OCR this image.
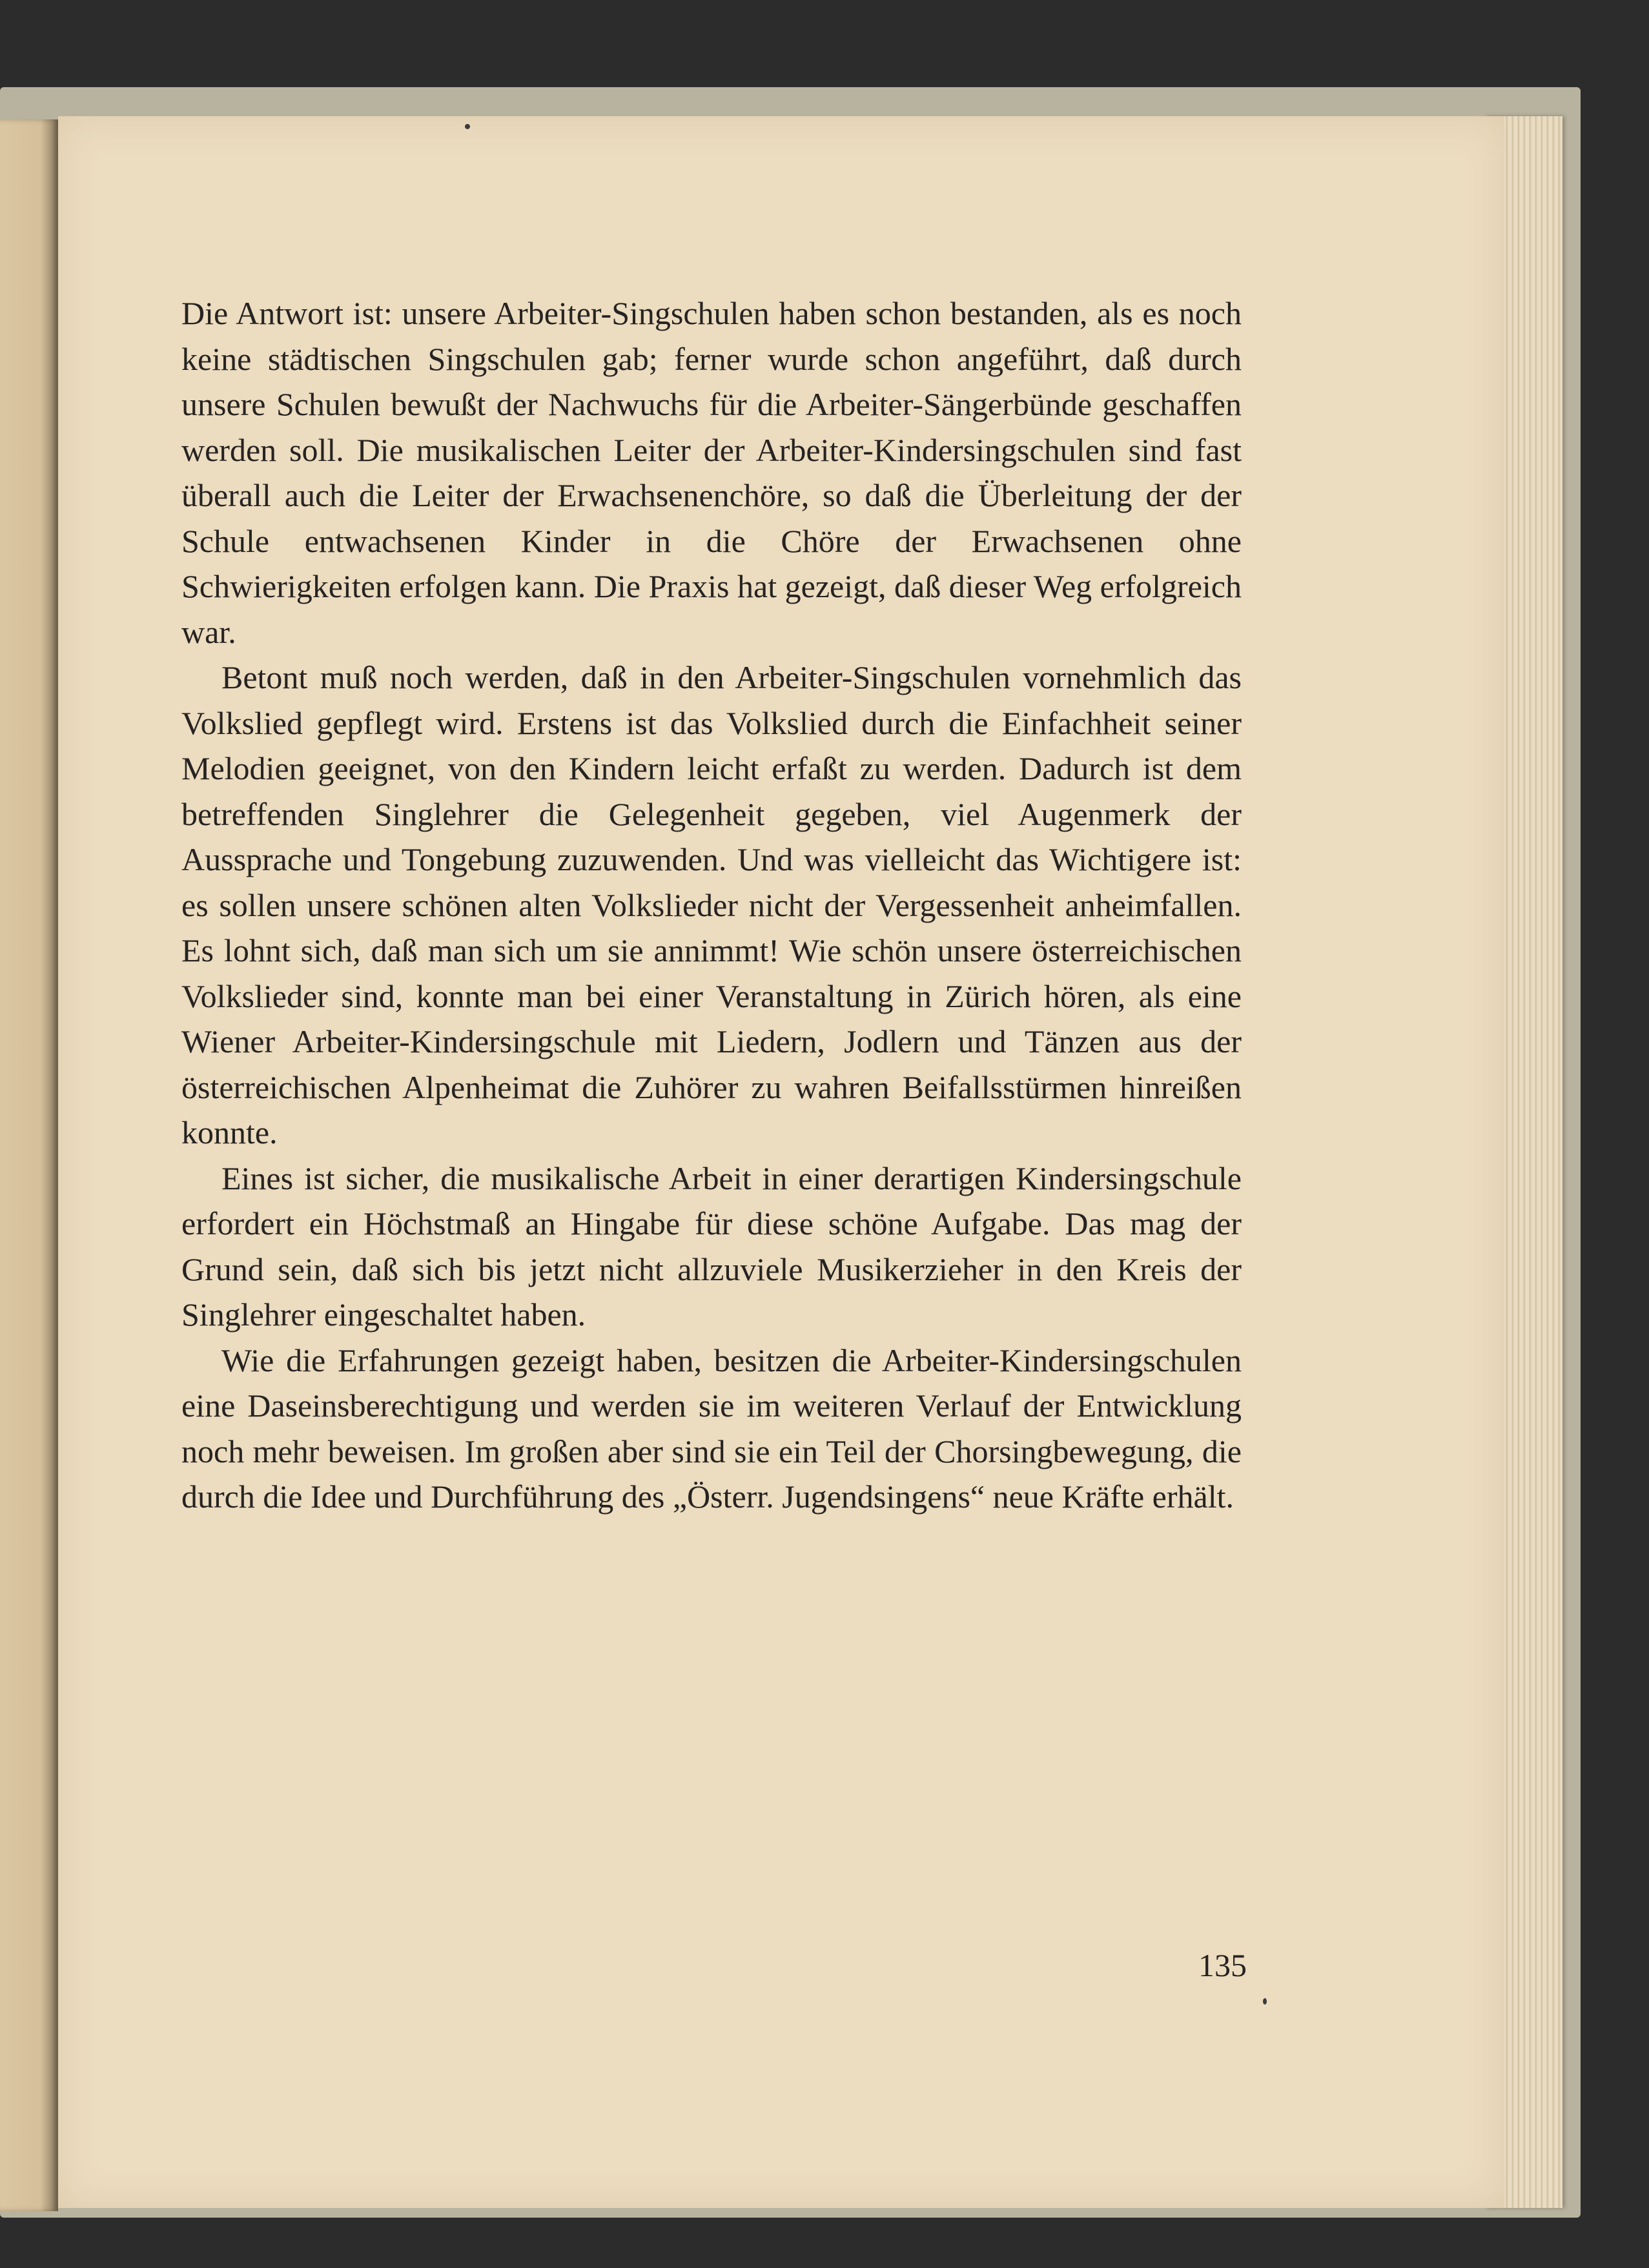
Die Antwort ist: unsere Arbeiter-Singschulen haben schon bestanden, als es noch keine städtischen Singschulen gab; ferner wurde schon angeführt, daß durch unsere Schulen bewußt der Nachwuchs für die Arbeiter-Sängerbünde geschaffen werden soll. Die musikalischen Leiter der Arbeiter-Kindersingschulen sind fast überall auch die Leiter der Erwachsenenchöre, so daß die Überleitung der der Schule entwachsenen Kinder in die Chöre der Erwachsenen ohne Schwierigkeiten erfolgen kann. Die Praxis hat gezeigt, daß dieser Weg erfolgreich war.

Betont muß noch werden, daß in den Arbeiter-Singschulen vornehmlich das Volkslied gepflegt wird. Erstens ist das Volkslied durch die Einfachheit seiner Melodien geeignet, von den Kindern leicht erfaßt zu werden. Dadurch ist dem betreffenden Singlehrer die Gelegenheit gegeben, viel Augenmerk der Aussprache und Tongebung zuzuwenden. Und was vielleicht das Wichtigere ist: es sollen unsere schönen alten Volkslieder nicht der Vergessenheit anheimfallen. Es lohnt sich, daß man sich um sie annimmt! Wie schön unsere österreichischen Volkslieder sind, konnte man bei einer Veranstaltung in Zürich hören, als eine Wiener Arbeiter-Kindersingschule mit Liedern, Jodlern und Tänzen aus der österreichischen Alpenheimat die Zuhörer zu wahren Beifallsstürmen hinreißen konnte.

Eines ist sicher, die musikalische Arbeit in einer derartigen Kindersingschule erfordert ein Höchstmaß an Hingabe für diese schöne Aufgabe. Das mag der Grund sein, daß sich bis jetzt nicht allzuviele Musikerzieher in den Kreis der Singlehrer eingeschaltet haben.

Wie die Erfahrungen gezeigt haben, besitzen die Arbeiter-Kindersingschulen eine Daseinsberechtigung und werden sie im weiteren Verlauf der Entwicklung noch mehr beweisen. Im großen aber sind sie ein Teil der Chorsingbewegung, die durch die Idee und Durchführung des „Österr. Jugendsingens“ neue Kräfte erhält.

135
